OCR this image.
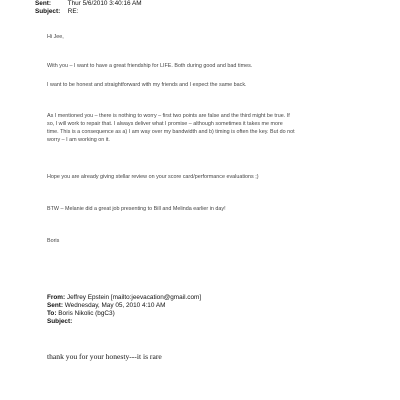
Sent:	Thur 5/6/2010 3:40:16 AM
Subject: RE:
Hi Jee,
With you – I want to have a great friendship for LIFE. Both during good and bad times.
I want to be honest and straightforward with my friends and I expect the same back.
As I mentioned you – there is nothing to worry – first two points are false and the third might be true. If
so, I will work to repair that. I always deliver what I promise – although sometimes it takes me more
time. This is a consequence as a) I am way over my bandwidth and b) timing is often the key. But do not
worry – I am working on it.
Hope you are already giving stellar review on your score card/performance evaluations ;)
BTW – Melanie did a great job presenting to Bill and Melinda earlier in day!
Boris
From: Jeffrey Epstein [mailto:jeevacation@gmail.com]
Sent: Wednesday, May 05, 2010 4:10 AM
To: Boris Nikolic (bgC3)
Subject:
thank you for your honesty---it is rare
